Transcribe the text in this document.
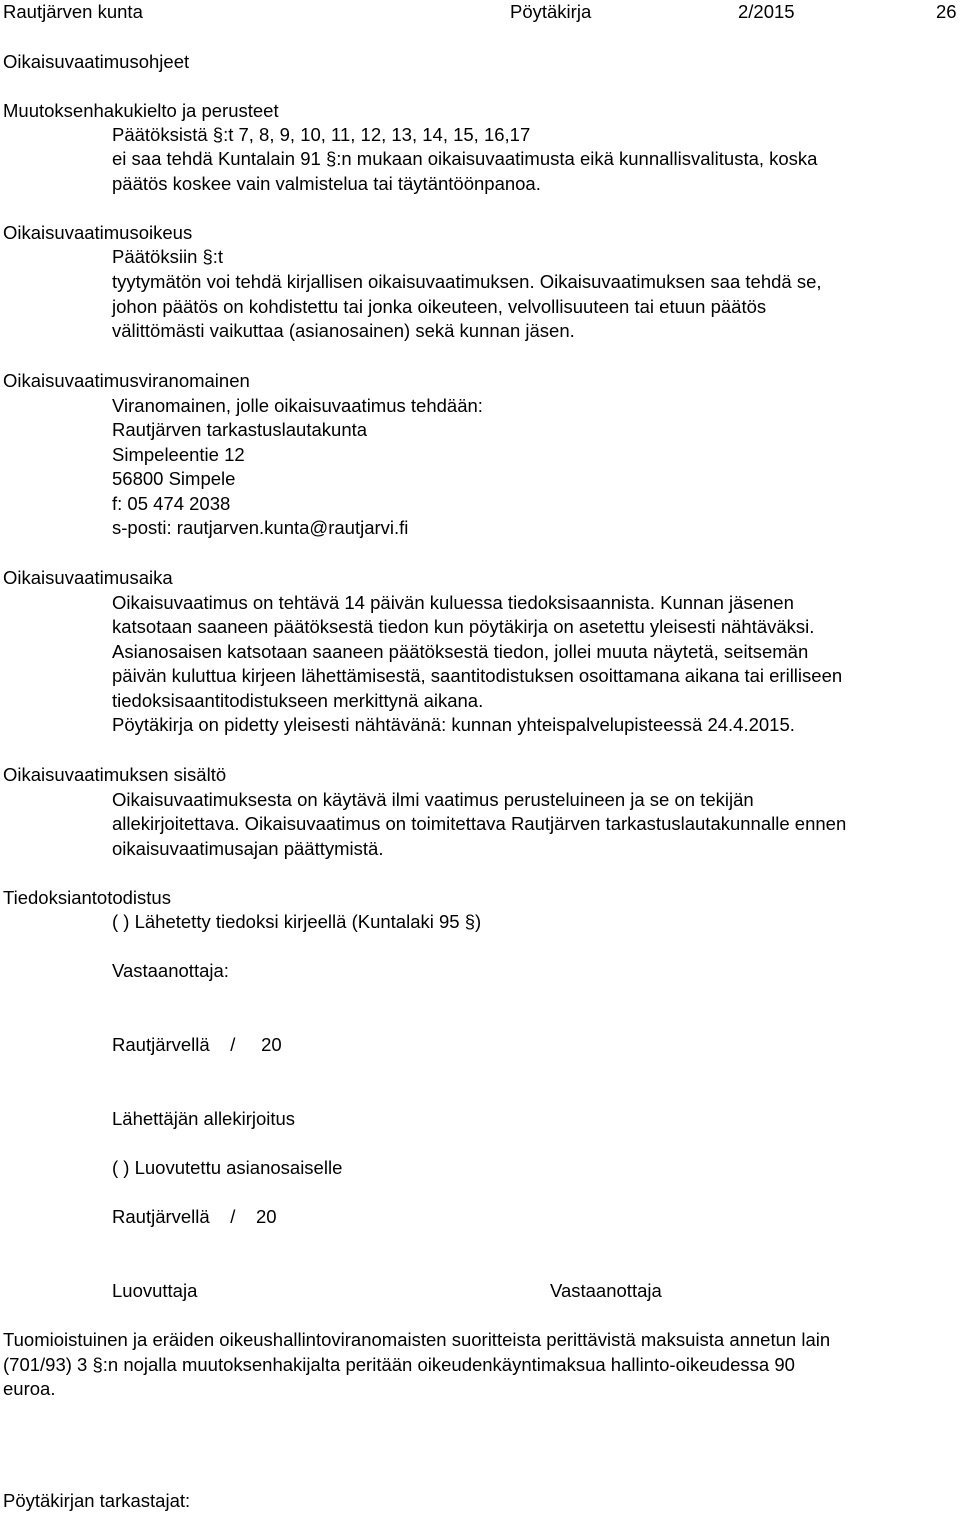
Rautjärven kunta	Pöytäkirja	2/2015	26
Oikaisuvaatimusohjeet
Muutoksenhakukielto ja perusteet
Päätöksistä §:t 7, 8, 9, 10, 11, 12, 13, 14, 15, 16,17
ei saa tehdä Kuntalain 91 §:n mukaan oikaisuvaatimusta eikä kunnallisvalitusta, koska
päätös koskee vain valmistelua tai täytäntöönpanoa.
Oikaisuvaatimusoikeus
Päätöksiin §:t
tyytymätön voi tehdä kirjallisen oikaisuvaatimuksen. Oikaisuvaatimuksen saa tehdä se,
johon päätös on kohdistettu tai jonka oikeuteen, velvollisuuteen tai etuun päätös
välittömästi vaikuttaa (asianosainen) sekä kunnan jäsen.
Oikaisuvaatimusviranomainen
Viranomainen, jolle oikaisuvaatimus tehdään:
Rautjärven tarkastuslautakunta
Simpeleentie 12
56800 Simpele
f: 05 474 2038
s-posti: rautjarven.kunta@rautjarvi.fi
Oikaisuvaatimusaika
Oikaisuvaatimus on tehtävä 14 päivän kuluessa tiedoksisaannista. Kunnan jäsenen
katsotaan saaneen päätöksestä tiedon kun pöytäkirja on asetettu yleisesti nähtäväksi.
Asianosaisen katsotaan saaneen päätöksestä tiedon, jollei muuta näytetä, seitsemän
päivän kuluttua kirjeen lähettämisestä, saantitodistuksen osoittamana aikana tai erilliseen
tiedoksisaantitodistukseen merkittynä aikana.
Pöytäkirja on pidetty yleisesti nähtävänä: kunnan yhteispalvelupisteessä 24.4.2015.
Oikaisuvaatimuksen sisältö
Oikaisuvaatimuksesta on käytävä ilmi vaatimus perusteluineen ja se on tekijän
allekirjoitettava. Oikaisuvaatimus on toimitettava Rautjärven tarkastuslautakunnalle ennen
oikaisuvaatimusajan päättymistä.
Tiedoksiantotodistus
( ) Lähetetty tiedoksi kirjeellä (Kuntalaki 95 §)
Vastaanottaja:
Rautjärvellä    /     20
Lähettäjän allekirjoitus
( ) Luovutettu asianosaiselle
Rautjärvellä    /    20
Luovuttaja	Vastaanottaja
Tuomioistuinen ja eräiden oikeushallintoviranomaisten suoritteista perittävistä maksuista annetun lain
(701/93) 3 §:n nojalla muutoksenhakijalta peritään oikeudenkäyntimaksua hallinto-oikeudessa 90
euroa.
Pöytäkirjan tarkastajat:
